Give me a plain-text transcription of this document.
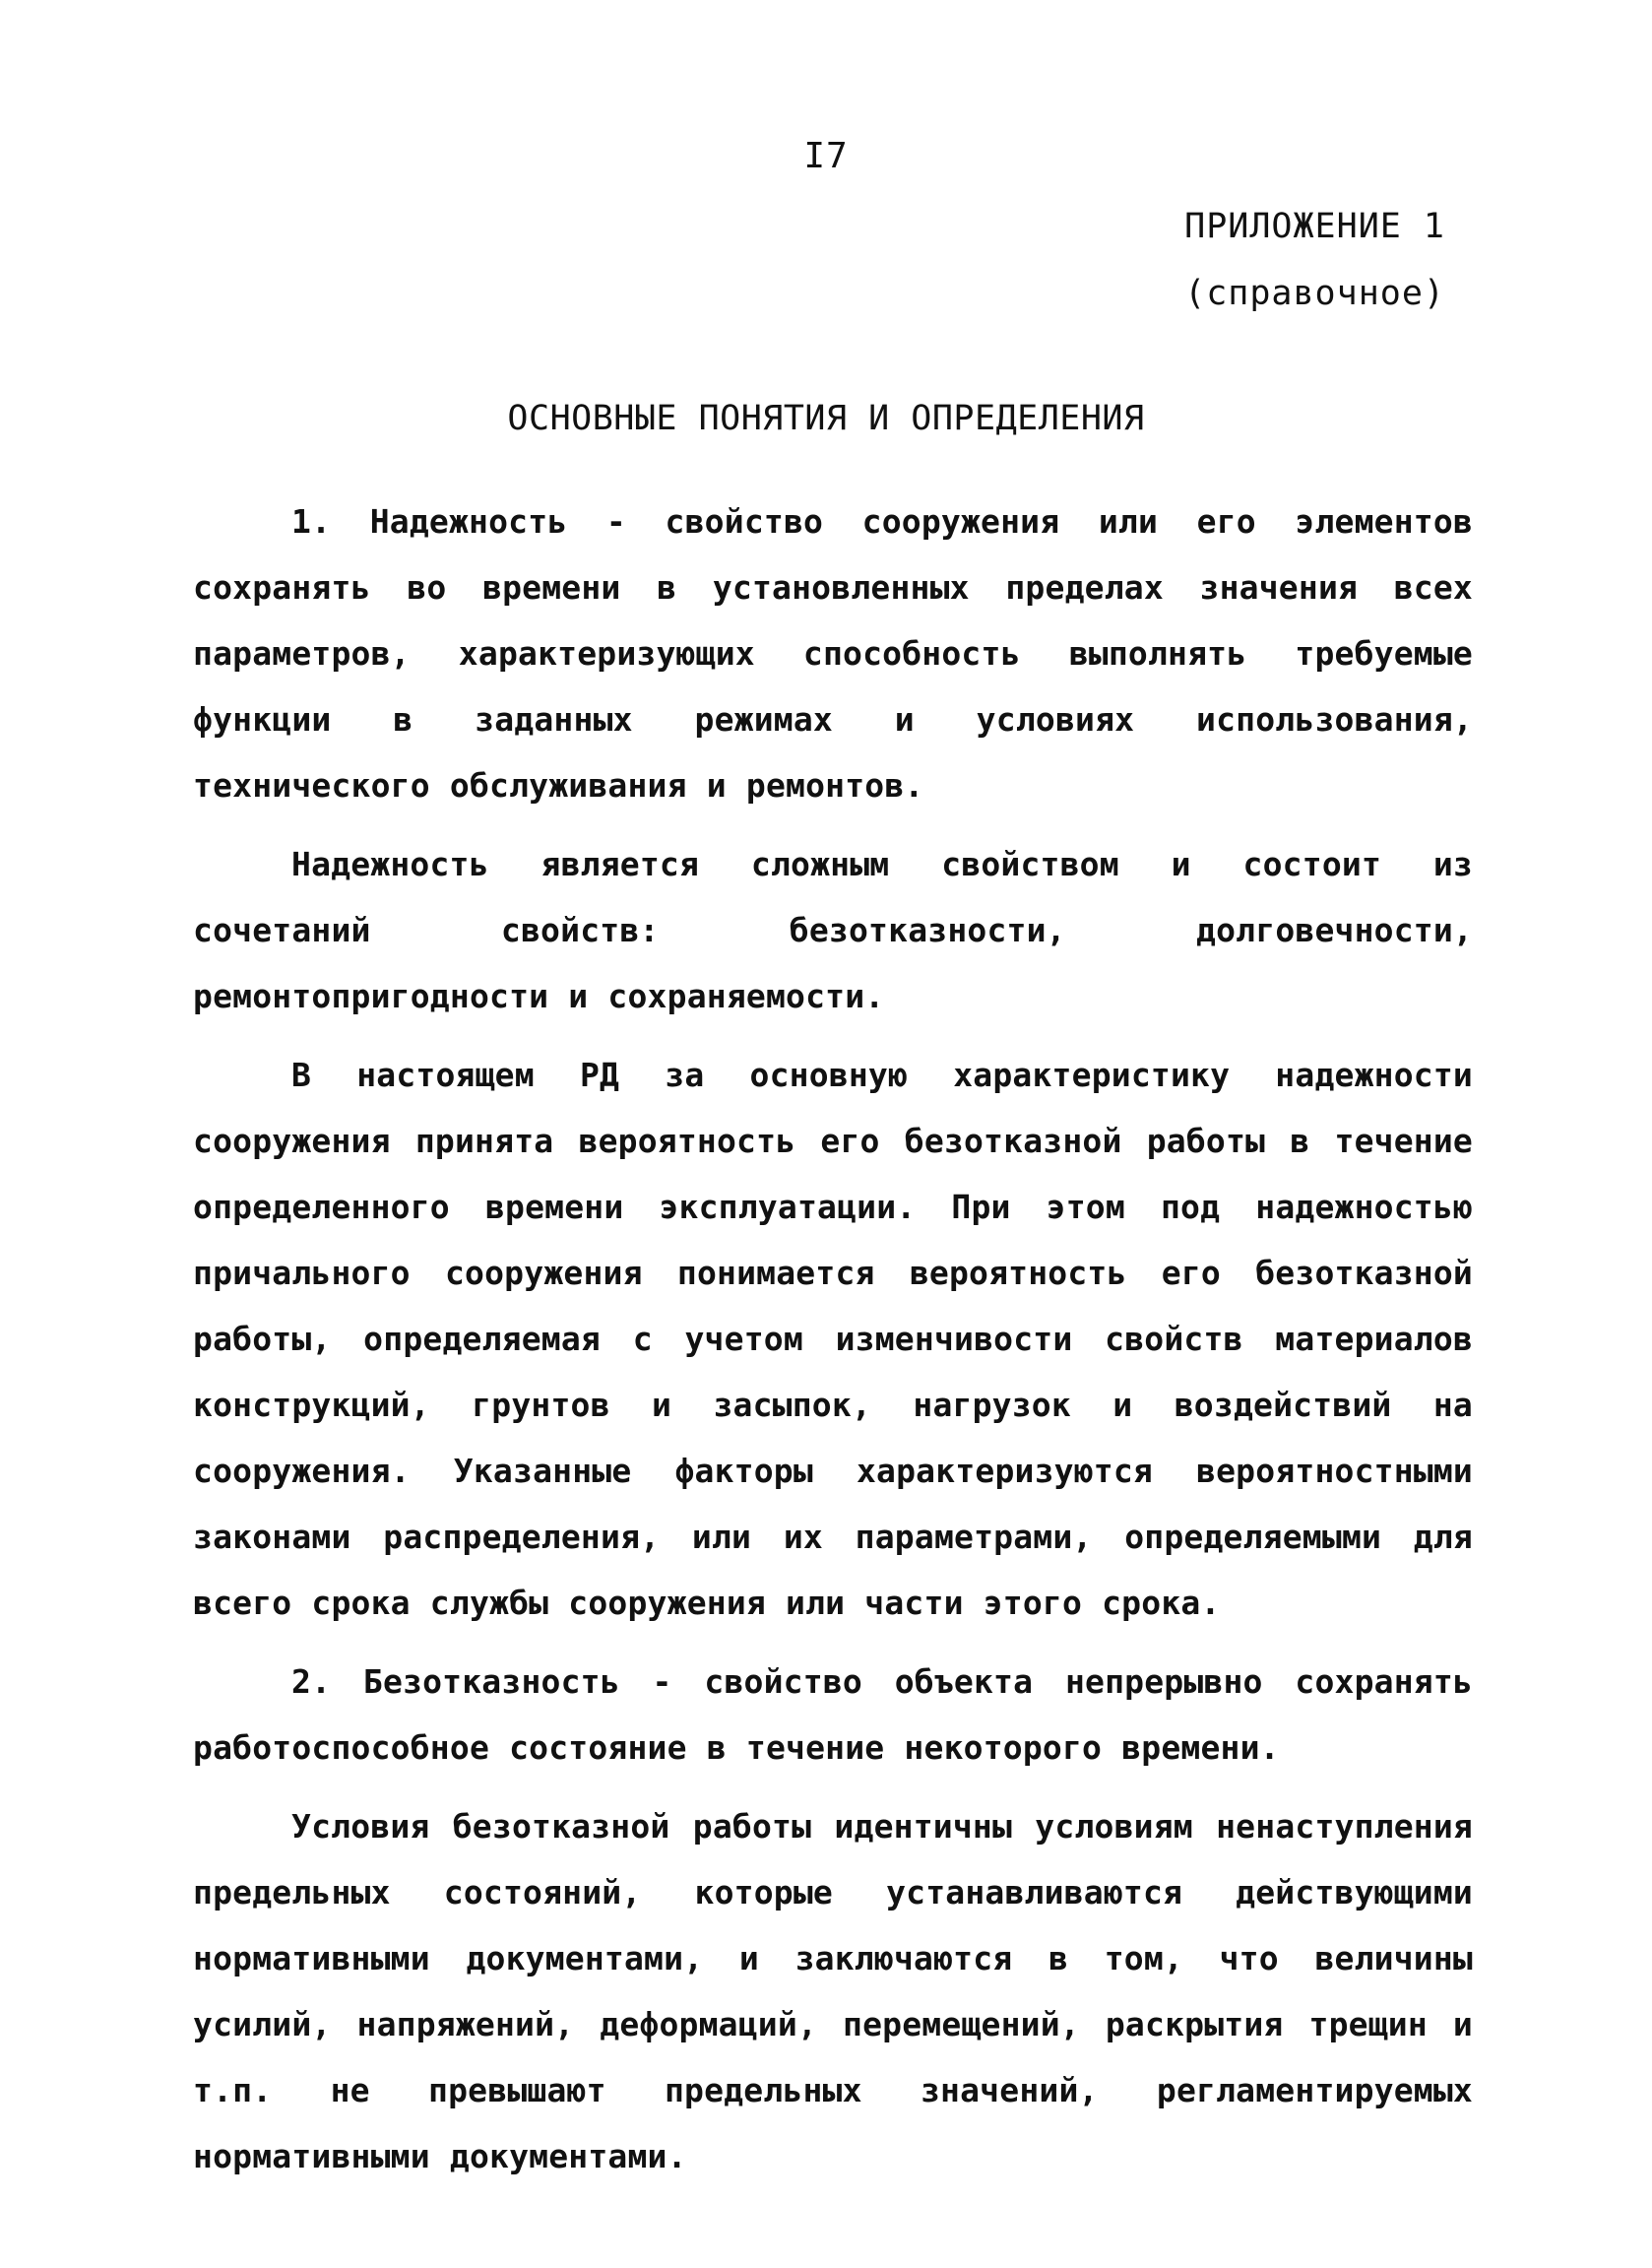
I7
ПРИЛОЖЕНИЕ 1
(справочное)
ОСНОВНЫЕ ПОНЯТИЯ И ОПРЕДЕЛЕНИЯ

1. Надежность - свойство сооружения или его элементов сохранять во времени в установленных пределах значения всех параметров, характеризующих способность выполнять требуемые функции в заданных режимах и условиях использования, технического обслуживания и ремонтов.

Надежность является сложным свойством и состоит из сочетаний свойств: безотказности, долговечности, ремонтопригодности и сохраняемости.

В настоящем РД за основную характеристику надежности сооружения принята вероятность его безотказной работы в течение определенного времени эксплуатации. При этом под надежностью причального сооружения понимается вероятность его безотказной работы, определяемая с учетом изменчивости свойств материалов конструкций, грунтов и засыпок, нагрузок и воздействий на сооружения. Указанные факторы характеризуются вероятностными законами распределения, или их параметрами, определяемыми для всего срока службы сооружения или части этого срока.

2. Безотказность - свойство объекта непрерывно сохранять работоспособное состояние в течение некоторого времени.

Условия безотказной работы идентичны условиям ненаступления предельных состояний, которые устанавливаются действующими нормативными документами, и заключаются в том, что величины усилий, напряжений, деформаций, перемещений, раскрытия трещин и т.п. не превышают предельных значений, регламентируемых нормативными документами.
